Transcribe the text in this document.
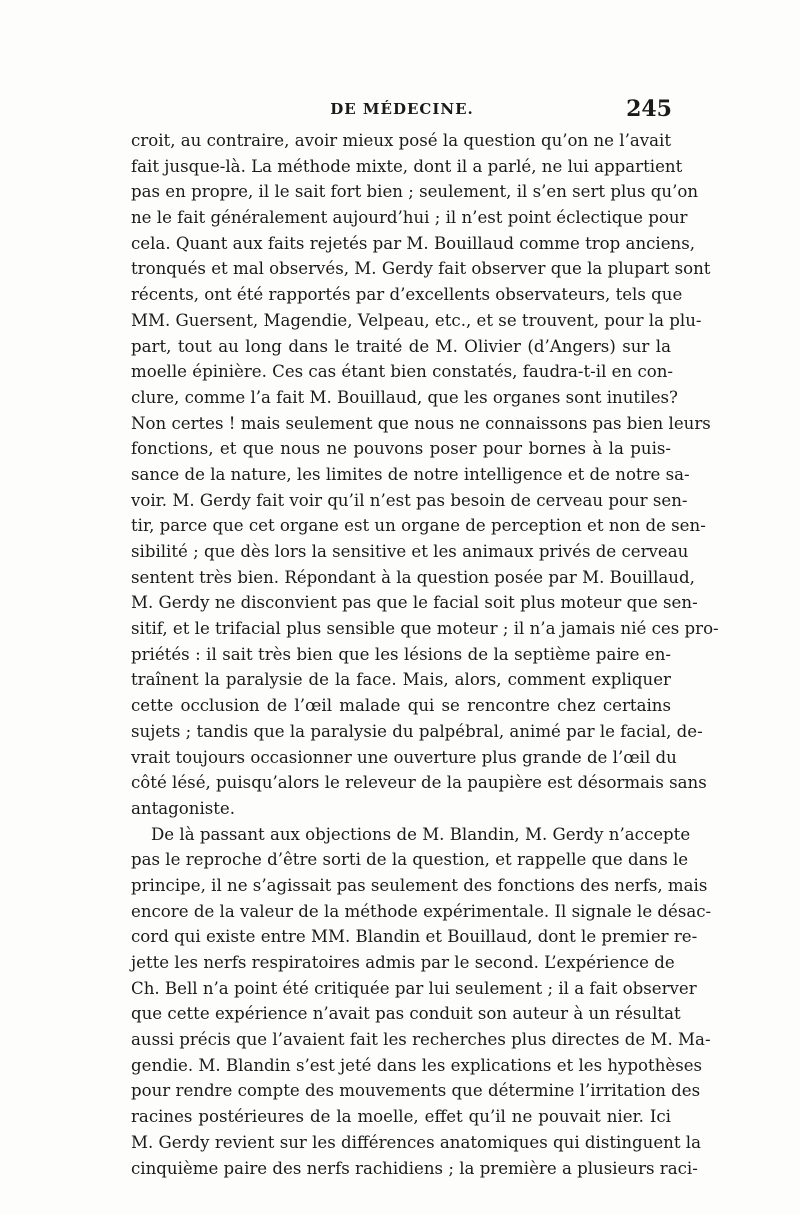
DE MÉDECINE.	245
croit, au contraire, avoir mieux posé la question qu’on ne l’avait
fait jusque-là. La méthode mixte, dont il a parlé, ne lui appartient
pas en propre, il le sait fort bien ; seulement, il s’en sert plus qu’on
ne le fait généralement aujourd’hui ; il n’est point éclectique pour
cela. Quant aux faits rejetés par M. Bouillaud comme trop anciens,
tronqués et mal observés, M. Gerdy fait observer que la plupart sont
récents, ont été rapportés par d’excellents observateurs, tels que
MM. Guersent, Magendie, Velpeau, etc., et se trouvent, pour la plu-
part, tout au long dans le traité de M. Olivier (d’Angers) sur la
moelle épinière. Ces cas étant bien constatés, faudra-t-il en con-
clure, comme l’a fait M. Bouillaud, que les organes sont inutiles?
Non certes ! mais seulement que nous ne connaissons pas bien leurs
fonctions, et que nous ne pouvons poser pour bornes à la puis-
sance de la nature, les limites de notre intelligence et de notre sa-
voir. M. Gerdy fait voir qu’il n’est pas besoin de cerveau pour sen-
tir, parce que cet organe est un organe de perception et non de sen-
sibilité ; que dès lors la sensitive et les animaux privés de cerveau
sentent très bien. Répondant à la question posée par M. Bouillaud,
M. Gerdy ne disconvient pas que le facial soit plus moteur que sen-
sitif, et le trifacial plus sensible que moteur ; il n’a jamais nié ces pro-
priétés : il sait très bien que les lésions de la septième paire en-
traînent la paralysie de la face. Mais, alors, comment expliquer
cette occlusion de l’œil malade qui se rencontre chez certains
sujets ; tandis que la paralysie du palpébral, animé par le facial, de-
vrait toujours occasionner une ouverture plus grande de l’œil du
côté lésé, puisqu’alors le releveur de la paupière est désormais sans
antagoniste.
De là passant aux objections de M. Blandin, M. Gerdy n’accepte
pas le reproche d’être sorti de la question, et rappelle que dans le
principe, il ne s’agissait pas seulement des fonctions des nerfs, mais
encore de la valeur de la méthode expérimentale. Il signale le désac-
cord qui existe entre MM. Blandin et Bouillaud, dont le premier re-
jette les nerfs respiratoires admis par le second. L’expérience de
Ch. Bell n’a point été critiquée par lui seulement ; il a fait observer
que cette expérience n’avait pas conduit son auteur à un résultat
aussi précis que l’avaient fait les recherches plus directes de M. Ma-
gendie. M. Blandin s’est jeté dans les explications et les hypothèses
pour rendre compte des mouvements que détermine l’irritation des
racines postérieures de la moelle, effet qu’il ne pouvait nier. Ici
M. Gerdy revient sur les différences anatomiques qui distinguent la
cinquième paire des nerfs rachidiens ; la première a plusieurs raci-
